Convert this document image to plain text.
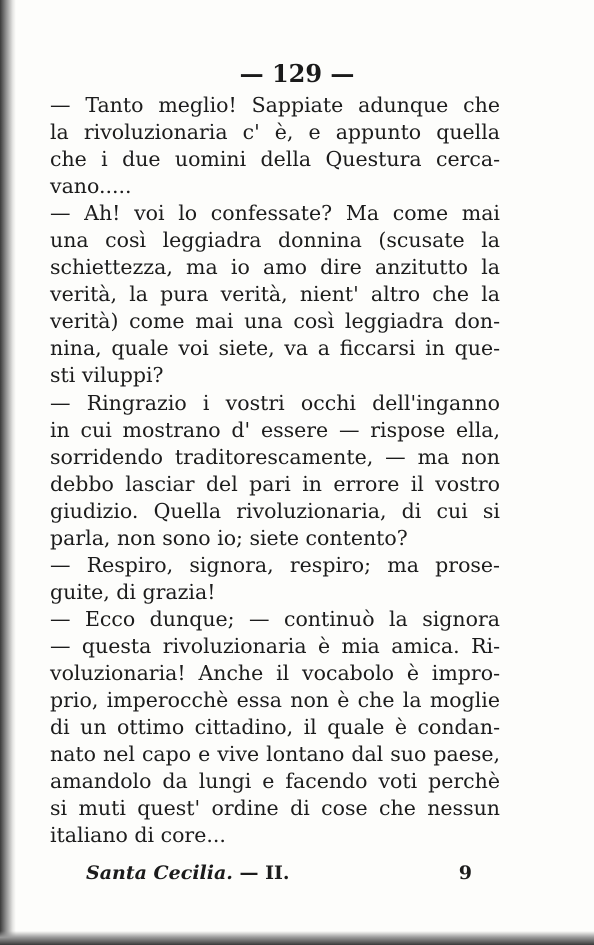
— 129 —
— Tanto meglio! Sappiate adunque che
la rivoluzionaria c' è, e appunto quella
che i due uomini della Questura cerca-
vano.....
— Ah! voi lo confessate? Ma come mai
una così leggiadra donnina (scusate la
schiettezza, ma io amo dire anzitutto la
verità, la pura verità, nient' altro che la
verità) come mai una così leggiadra don-
nina, quale voi siete, va a ficcarsi in que-
sti viluppi?
— Ringrazio i vostri occhi dell'inganno
in cui mostrano d' essere — rispose ella,
sorridendo traditorescamente, — ma non
debbo lasciar del pari in errore il vostro
giudizio. Quella rivoluzionaria, di cui si
parla, non sono io; siete contento?
— Respiro, signora, respiro; ma prose-
guite, di grazia!
— Ecco dunque; — continuò la signora
— questa rivoluzionaria è mia amica. Ri-
voluzionaria! Anche il vocabolo è impro-
prio, imperocchè essa non è che la moglie
di un ottimo cittadino, il quale è condan-
nato nel capo e vive lontano dal suo paese,
amandolo da lungi e facendo voti perchè
si muti quest' ordine di cose che nessun
italiano di core...
Santa Cecilia. — II.	9
